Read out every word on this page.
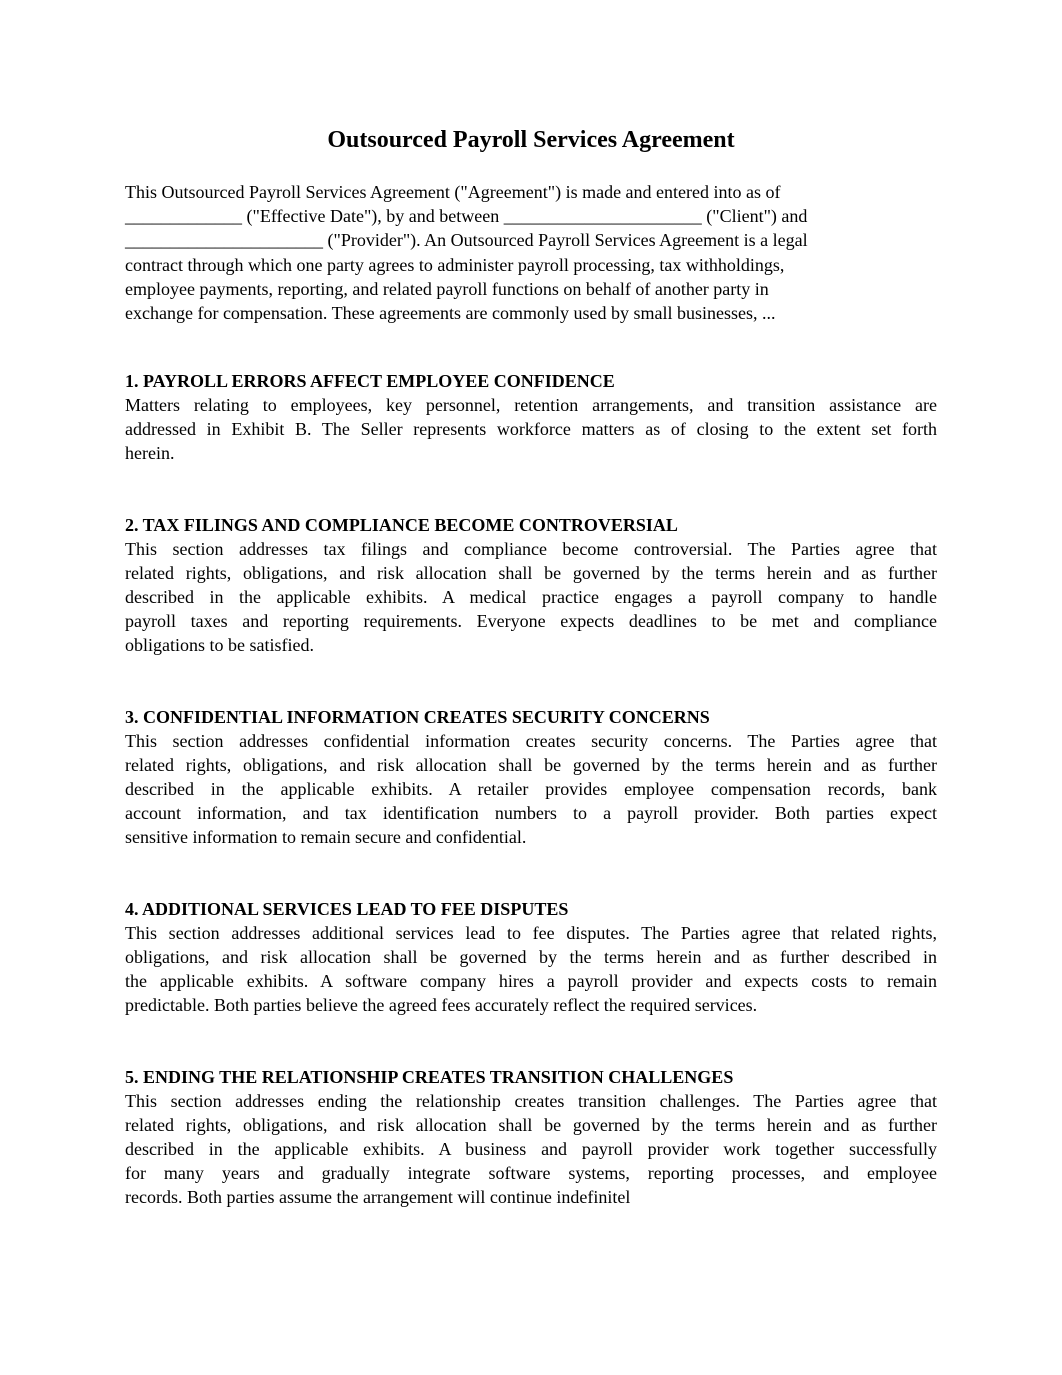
Outsourced Payroll Services Agreement

This Outsourced Payroll Services Agreement ("Agreement") is made and entered into as of

_____________ ("Effective Date"), by and between ______________________ ("Client") and

______________________ ("Provider"). An Outsourced Payroll Services Agreement is a legal

contract through which one party agrees to administer payroll processing, tax withholdings,

employee payments, reporting, and related payroll functions on behalf of another party in

exchange for compensation. These agreements are commonly used by small businesses, ...

1. PAYROLL ERRORS AFFECT EMPLOYEE CONFIDENCE
Matters relating to employees, key personnel, retention arrangements, and transition assistance are
addressed in Exhibit B. The Seller represents workforce matters as of closing to the extent set forth
herein.
2. TAX FILINGS AND COMPLIANCE BECOME CONTROVERSIAL
This section addresses tax filings and compliance become controversial. The Parties agree that
related rights, obligations, and risk allocation shall be governed by the terms herein and as further
described in the applicable exhibits. A medical practice engages a payroll company to handle
payroll taxes and reporting requirements. Everyone expects deadlines to be met and compliance
obligations to be satisfied.
3. CONFIDENTIAL INFORMATION CREATES SECURITY CONCERNS
This section addresses confidential information creates security concerns. The Parties agree that
related rights, obligations, and risk allocation shall be governed by the terms herein and as further
described in the applicable exhibits. A retailer provides employee compensation records, bank
account information, and tax identification numbers to a payroll provider. Both parties expect
sensitive information to remain secure and confidential.
4. ADDITIONAL SERVICES LEAD TO FEE DISPUTES
This section addresses additional services lead to fee disputes. The Parties agree that related rights,
obligations, and risk allocation shall be governed by the terms herein and as further described in
the applicable exhibits. A software company hires a payroll provider and expects costs to remain
predictable. Both parties believe the agreed fees accurately reflect the required services.
5. ENDING THE RELATIONSHIP CREATES TRANSITION CHALLENGES
This section addresses ending the relationship creates transition challenges. The Parties agree that
related rights, obligations, and risk allocation shall be governed by the terms herein and as further
described in the applicable exhibits. A business and payroll provider work together successfully
for many years and gradually integrate software systems, reporting processes, and employee
records. Both parties assume the arrangement will continue indefinitel
